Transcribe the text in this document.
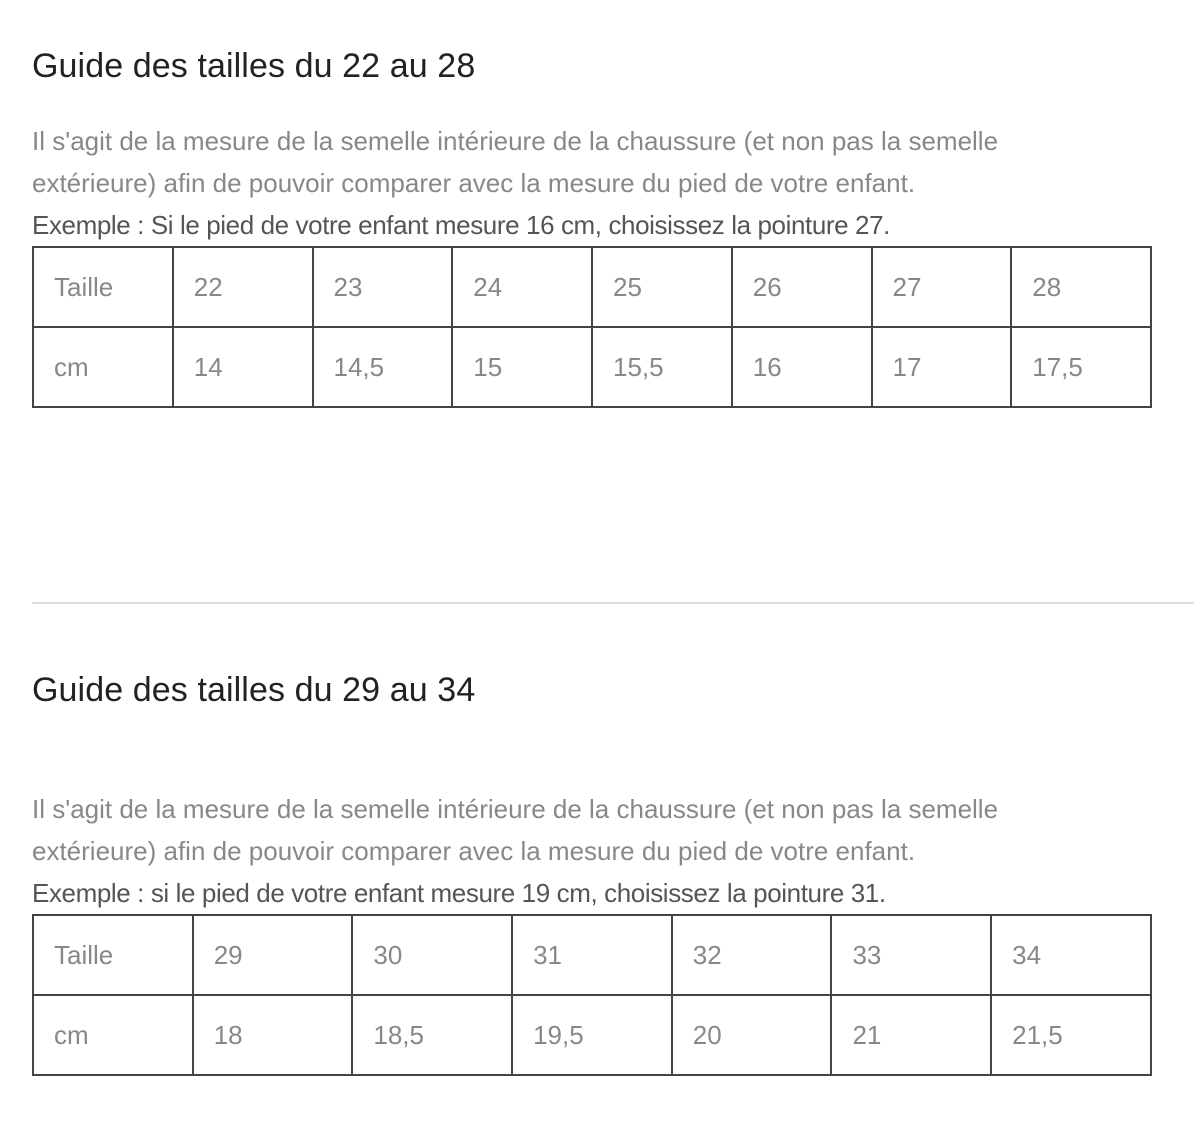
Guide des tailles du 22 au 28

Il s'agit de la mesure de la semelle intérieure de la chaussure (et non pas la semelle
extérieure) afin de pouvoir comparer avec la mesure du pied de votre enfant.

Exemple : Si le pied de votre enfant mesure 16 cm, choisissez la pointure 27.

Taille	22	23	24	25	26	27	28
cm	14	14,5	15	15,5	16	17	17,5
Guide des tailles du 29 au 34

Il s'agit de la mesure de la semelle intérieure de la chaussure (et non pas la semelle
extérieure) afin de pouvoir comparer avec la mesure du pied de votre enfant.

Exemple : si le pied de votre enfant mesure 19 cm, choisissez la pointure 31.

Taille	29	30	31	32	33	34
cm	18	18,5	19,5	20	21	21,5
